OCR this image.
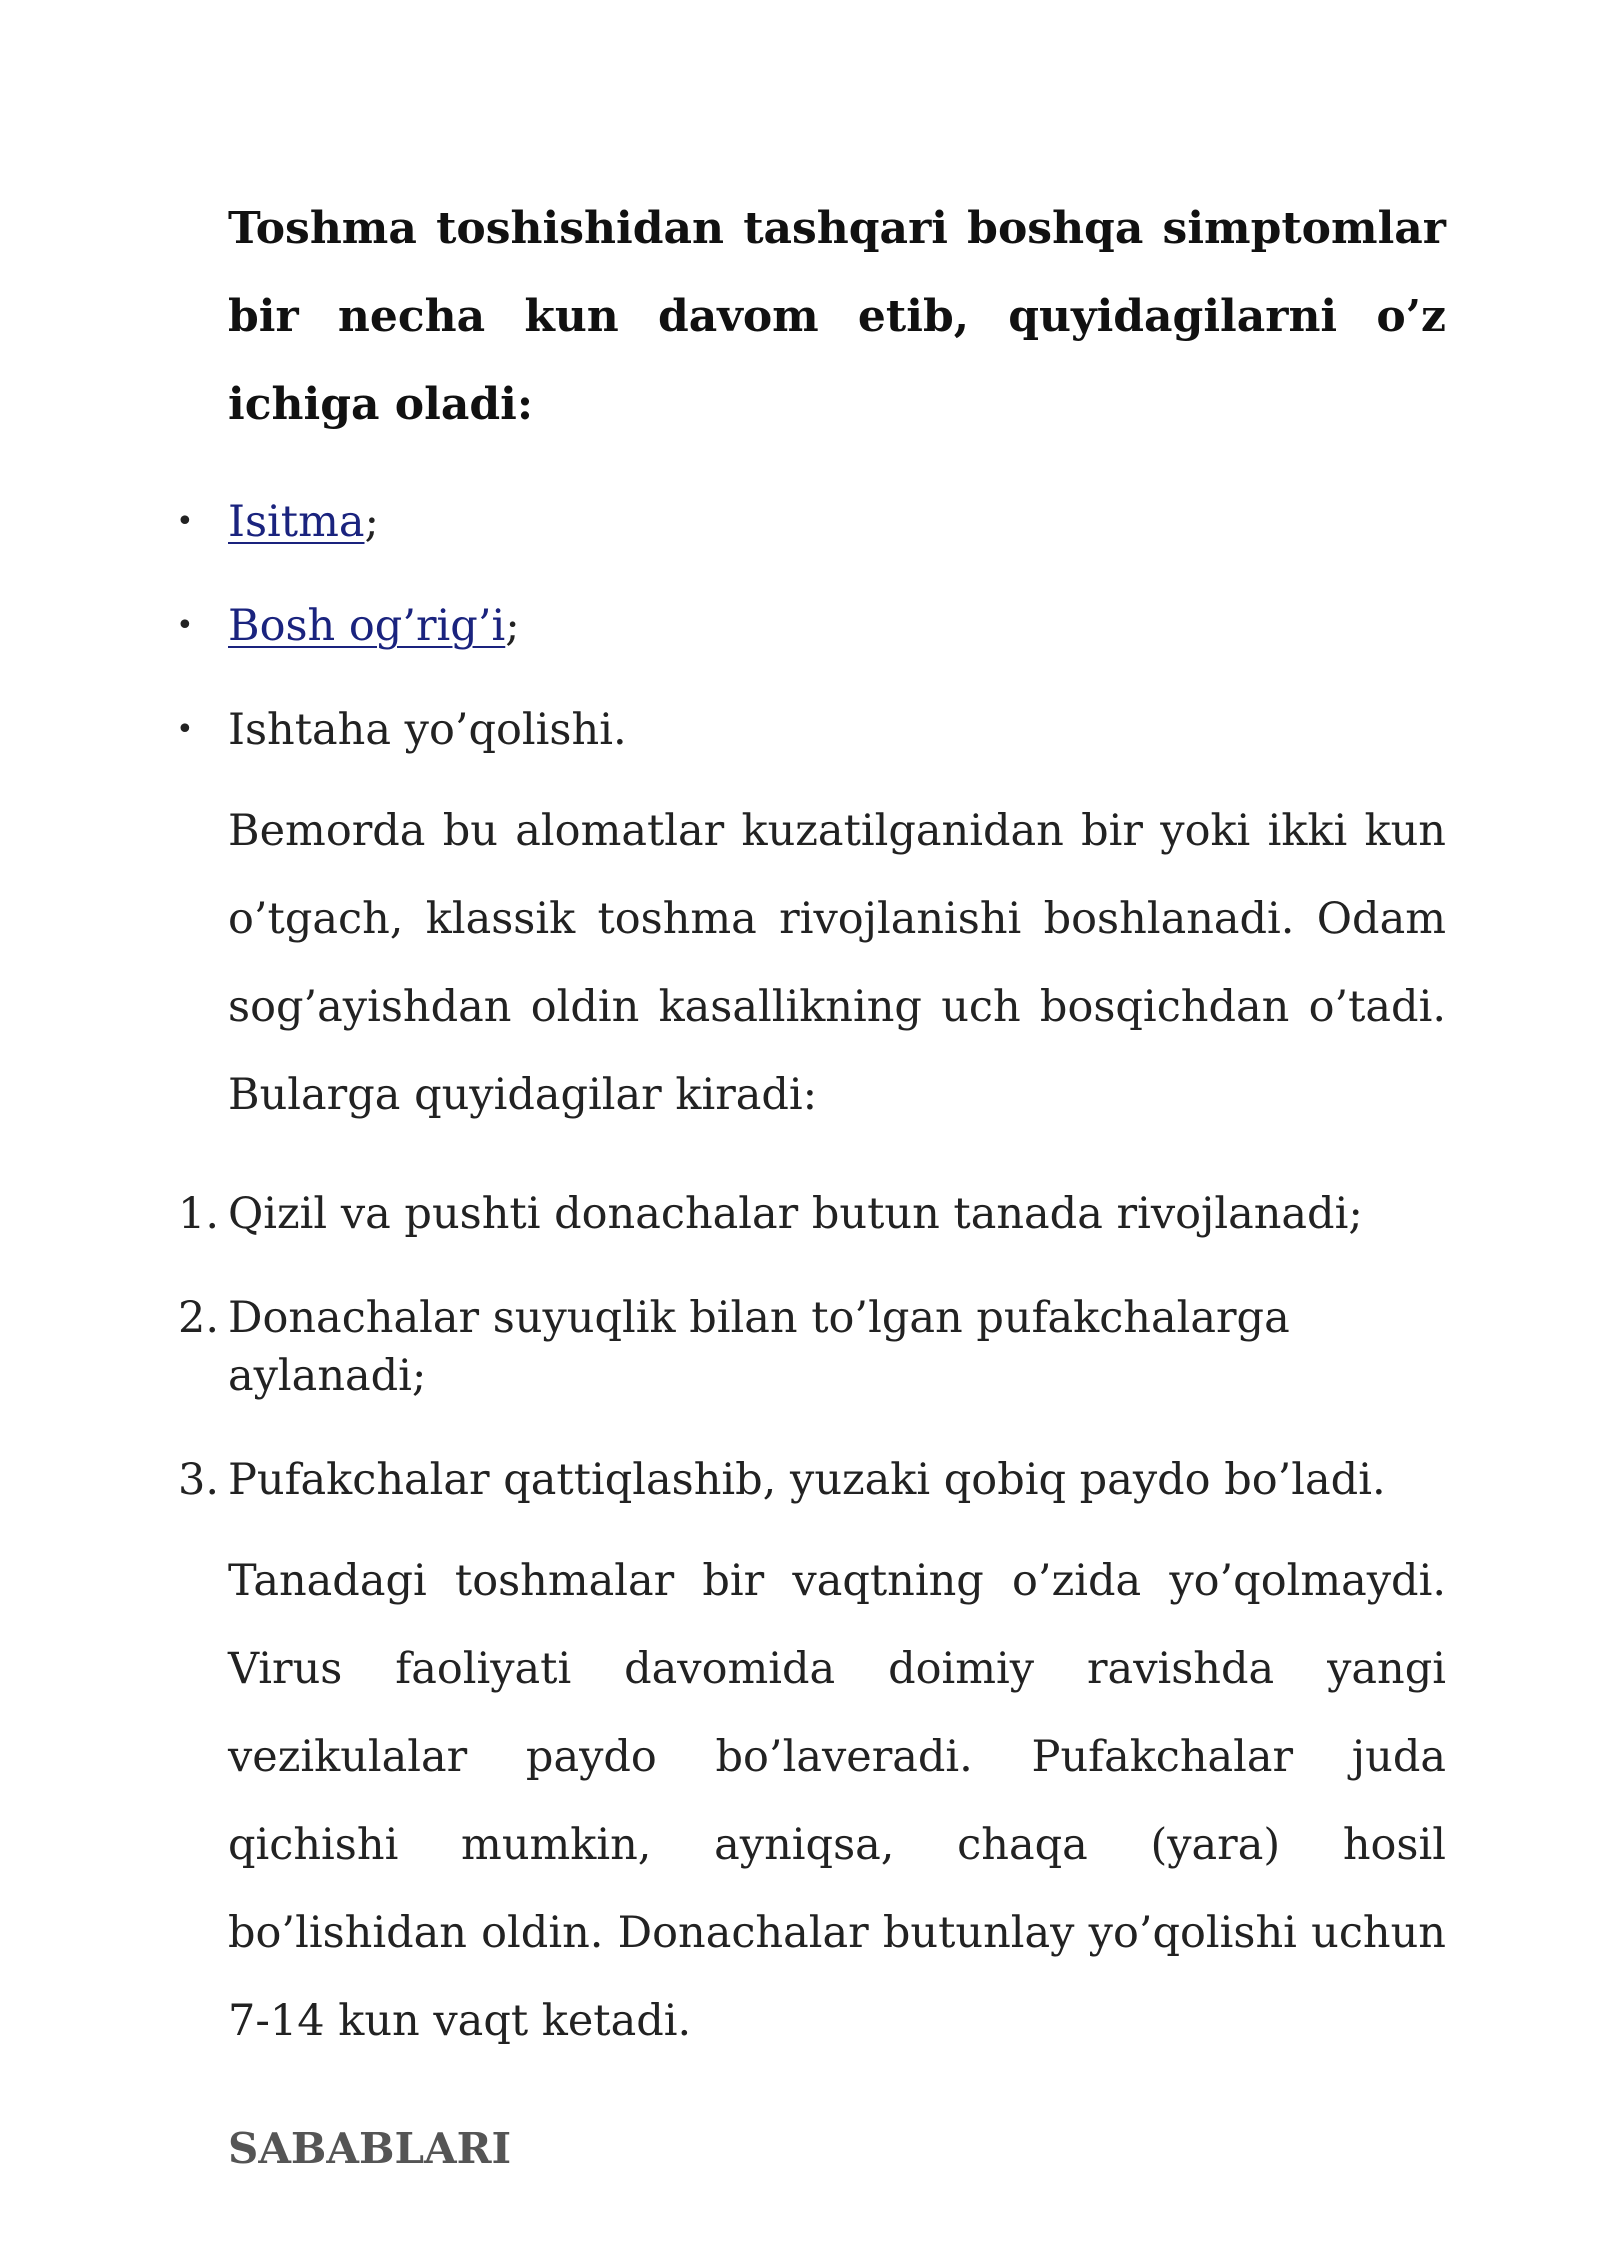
Toshma toshishidan tashqari boshqa simptomlar bir necha kun davom etib, quyidagilarni o’z ichiga oladi:

• Isitma;
• Bosh og’rig’i;
• Ishtaha yo’qolishi.

Bemorda bu alomatlar kuzatilganidan bir yoki ikki kun o’tgach, klassik toshma rivojlanishi boshlanadi. Odam sog’ayishdan oldin kasallikning uch bosqichdan o’tadi. Bularga quyidagilar kiradi:

1. Qizil va pushti donachalar butun tanada rivojlanadi;
2. Donachalar suyuqlik bilan to’lgan pufakchalarga aylanadi;
3. Pufakchalar qattiqlashib, yuzaki qobiq paydo bo’ladi.

Tanadagi toshmalar bir vaqtning o’zida yo’qolmaydi. Virus faoliyati davomida doimiy ravishda yangi vezikulalar paydo bo’laveradi. Pufakchalar juda qichishi mumkin, ayniqsa, chaqa (yara) hosil bo’lishidan oldin. Donachalar butunlay yo’qolishi uchun 7-14 kun vaqt ketadi.

SABABLARI
